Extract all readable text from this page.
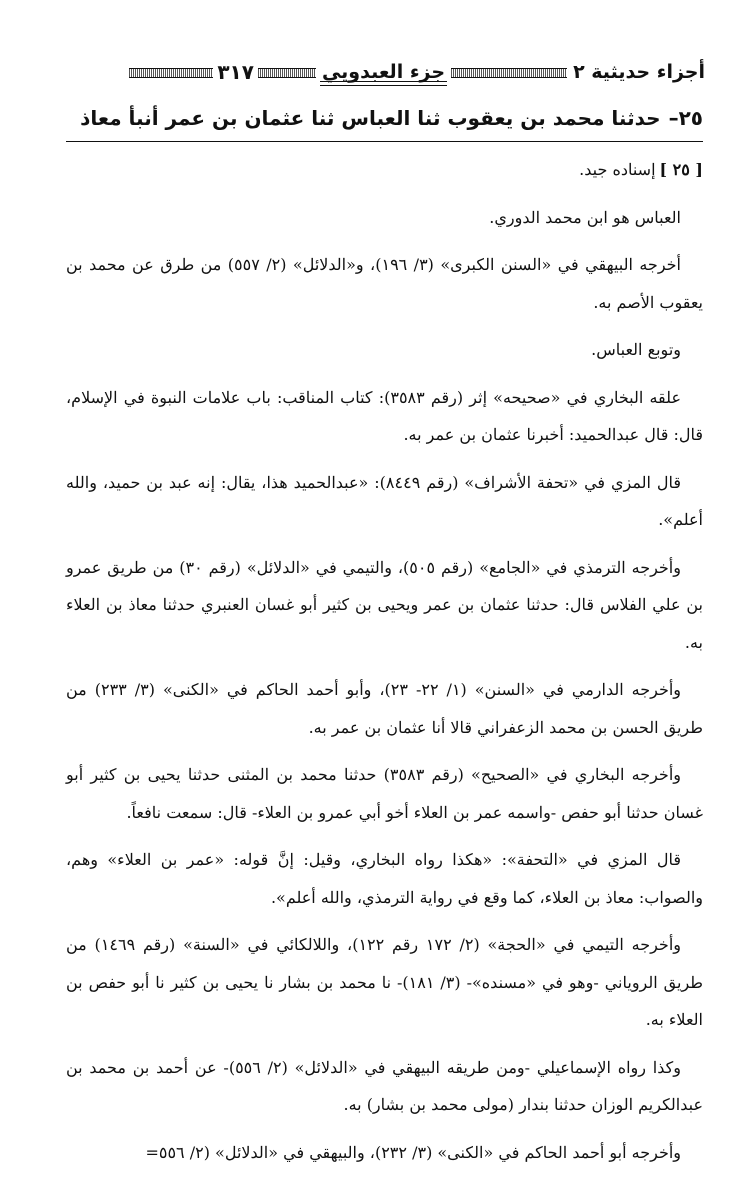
أجزاء حديثية ٢
جزء العبدويي
٣١٧
٢٥–حدثنا محمد بن يعقوب ثنا العباس ثنا عثمان بن عمر أنبأ معاذ

[ ٢٥ ]إسناده جيد.

العباس هو ابن محمد الدوري.

أخرجه البيهقي في «السنن الكبرى» (٣/ ١٩٦)، و«الدلائل» (٢/ ٥٥٧) من طرق عن محمد بن يعقوب الأصم به.

وتوبع العباس.

علقه البخاري في «صحيحه» إثر (رقم ٣٥٨٣): كتاب المناقب: باب علامات النبوة في الإسلام، قال: قال عبدالحميد: أخبرنا عثمان بن عمر به.

قال المزي في «تحفة الأشراف» (رقم ٨٤٤٩): «عبدالحميد هذا، يقال: إنه عبد بن حميد، والله أعلم».

وأخرجه الترمذي في «الجامع» (رقم ٥٠٥)، والتيمي في «الدلائل» (رقم ٣٠) من طريق عمرو بن علي الفلاس قال: حدثنا عثمان بن عمر ويحيى بن كثير أبو غسان العنبري حدثنا معاذ بن العلاء به.

وأخرجه الدارمي في «السنن» (١/ ٢٢- ٢٣)، وأبو أحمد الحاكم في «الكنى» (٣/ ٢٣٣) من طريق الحسن بن محمد الزعفراني قالا أنا عثمان بن عمر به.

وأخرجه البخاري في «الصحيح» (رقم ٣٥٨٣) حدثنا محمد بن المثنى حدثنا يحيى بن كثير أبو غسان حدثنا أبو حفص -واسمه عمر بن العلاء أخو أبي عمرو بن العلاء- قال: سمعت نافعاً.

قال المزي في «التحفة»: «هكذا رواه البخاري، وقيل: إنَّ قوله: «عمر بن العلاء» وهم، والصواب: معاذ بن العلاء، كما وقع في رواية الترمذي، والله أعلم».

وأخرجه التيمي في «الحجة» (٢/ ١٧٢ رقم ١٢٢)، واللالكائي في «السنة» (رقم ١٤٦٩) من طريق الروياني -وهو في «مسنده»- (٣/ ١٨١)- نا محمد بن بشار نا يحيى بن كثير نا أبو حفص بن العلاء به.

وكذا رواه الإسماعيلي -ومن طريقه البيهقي في «الدلائل» (٢/ ٥٥٦)- عن أحمد بن محمد بن عبدالكريم الوزان حدثنا بندار (مولى محمد بن بشار) به.

وأخرجه أبو أحمد الحاكم في «الكنى» (٣/ ٢٣٢)، والبيهقي في «الدلائل» (٢/ ٥٥٦=
